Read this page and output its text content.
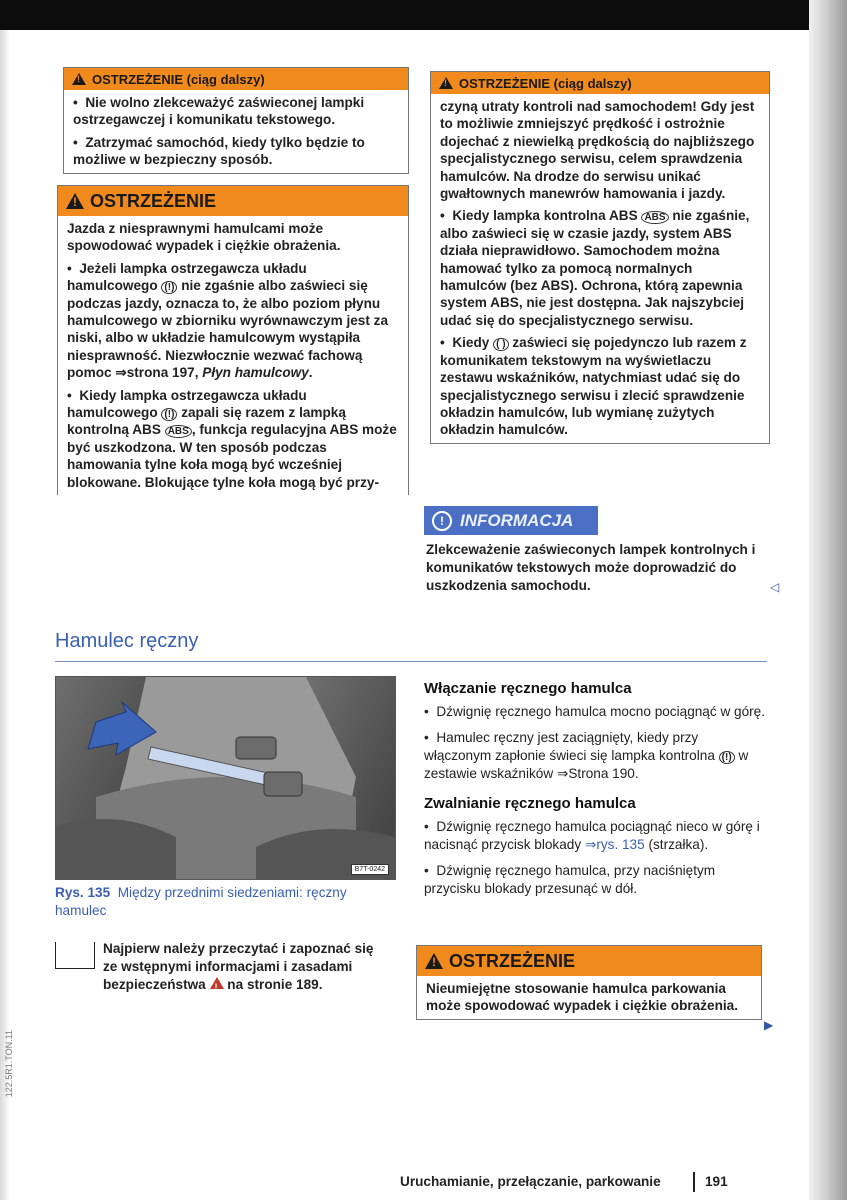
!
OSTRZEŻENIE (ciąg dalszy)

•  Nie wolno zlekceważyć zaświeconej lampki ostrzegawczej i komunikatu tekstowego.

•  Zatrzymać samochód, kiedy tylko będzie to możliwe w bezpieczny sposób.

!
OSTRZEŻENIE

Jazda z niesprawnymi hamulcami może spowodować wypadek i ciężkie obrażenia.

•  Jeżeli lampka ostrzegawcza układu hamulcowego (!) nie zgaśnie albo zaświeci się podczas jazdy, oznacza to, że albo poziom płynu hamulcowego w zbiorniku wyrównawczym jest za niski, albo w układzie hamulcowym wystąpiła niesprawność. Niezwłocznie wezwać fachową pomoc ⇒strona 197, Płyn hamulcowy.

•  Kiedy lampka ostrzegawcza układu hamulcowego (!) zapali się razem z lampką kontrolną ABS ABS , funkcja regulacyjna ABS może być uszkodzona. W ten sposób podczas hamowania tylne koła mogą być wcześniej blokowane. Blokujące tylne koła mogą być przy-

!
OSTRZEŻENIE (ciąg dalszy)

czyną utraty kontroli nad samochodem! Gdy jest to możliwie zmniejszyć prędkość i ostrożnie dojechać z niewielką prędkością do najbliższego specjalistycznego serwisu, celem sprawdzenia hamulców. Na drodze do serwisu unikać gwałtownych manewrów hamowania i jazdy.

•  Kiedy lampka kontrolna ABS ABS nie zgaśnie, albo zaświeci się w czasie jazdy, system ABS działa nieprawidłowo. Samochodem można hamować tylko za pomocą normalnych hamulców (bez ABS). Ochrona, którą zapewnia system ABS, nie jest dostępna. Jak najszybciej udać się do specjalistycznego serwisu.

•  Kiedy ( ) zaświeci się pojedynczo lub razem z komunikatem tekstowym na wyświetlaczu zestawu wskaźników, natychmiast udać się do specjalistycznego serwisu i zlecić sprawdzenie okładzin hamulców, lub wymianę zużytych okładzin hamulców.

! INFORMACJA
Zlekceważenie zaświeconych lampek kontrolnych i komunikatów tekstowych może doprowadzić do uszkodzenia samochodu.	◁
Hamulec ręczny
B7T-0242
Rys. 135 Między przednimi siedzeniami: ręczny hamulec
Najpierw należy przeczytać i zapoznać się ze wstępnymi informacjami i zasadami bezpieczeństwa ! na stronie 189.
Włączanie ręcznego hamulca

•  Dźwignię ręcznego hamulca mocno pociągnąć w górę.

•  Hamulec ręczny jest zaciągnięty, kiedy przy włączonym zapłonie świeci się lampka kontrolna (!) w zestawie wskaźników ⇒Strona 190.

Zwalnianie ręcznego hamulca

•  Dźwignię ręcznego hamulca pociągnąć nieco w górę i nacisnąć przycisk blokady ⇒rys. 135 (strzałka).

•  Dźwignię ręcznego hamulca, przy naciśniętym przycisku blokady przesunąć w dół.

!
OSTRZEŻENIE

Nieumiejętne stosowanie hamulca parkowania może spowodować wypadek i ciężkie obrażenia.

▶
122.5R1.TON.11
Uruchamianie, przełączanie, parkowanie	191
